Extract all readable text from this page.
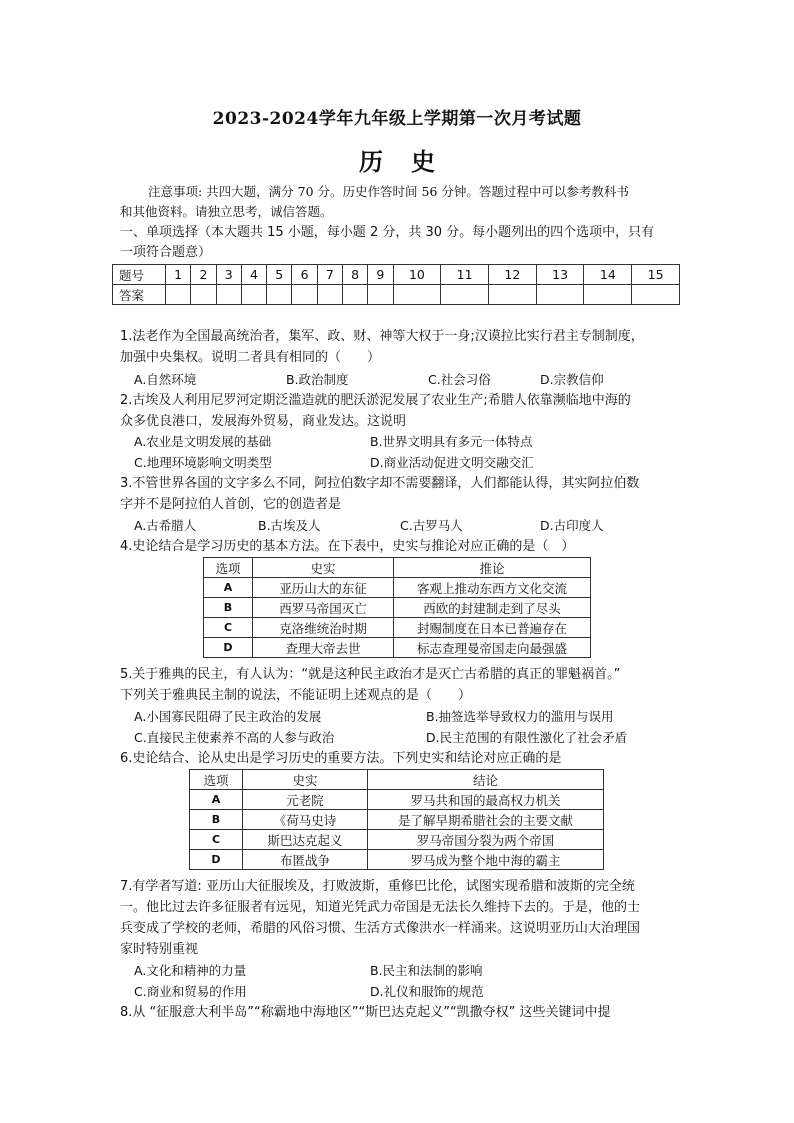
2023-2024学年九年级上学期第一次月考试题
历 史
注意事项: 共四大题，满分 70 分。历史作答时间 56 分钟。答题过程中可以参考教科书
和其他资料。请独立思考，诚信答题。
一、单项选择（本大题共 15 小题，每小题 2 分，共 30 分。每小题列出的四个选项中，只有
一项符合题意）
题号	1	2	3	4	5	6	7	8	9	10	11	12	13	14	15
答案															
1.法老作为全国最高统治者，集军、政、财、神等大权于一身;汉谟拉比实行君主专制制度，
加强中央集权。说明二者具有相同的（　　）
A.自然环境	B.政治制度	C.社会习俗	D.宗教信仰
2.古埃及人利用尼罗河定期泛滥造就的肥沃淤泥发展了农业生产;希腊人依靠濒临地中海的
众多优良港口，发展海外贸易，商业发达。这说明
A.农业是文明发展的基础	B.世界文明具有多元一体特点
C.地理环境影响文明类型	D.商业活动促进文明交融交汇
3.不管世界各国的文字多么不同，阿拉伯数字却不需要翻译，人们都能认得，其实阿拉伯数
字并不是阿拉伯人首创，它的创造者是
A.古希腊人	B.古埃及人	C.古罗马人	D.古印度人
4.史论结合是学习历史的基本方法。在下表中，史实与推论对应正确的是（　）
选项	史实	推论
A	亚历山大的东征	客观上推动东西方文化交流
B	西罗马帝国灭亡	西欧的封建制走到了尽头
C	克洛维统治时期	封赐制度在日本已普遍存在
D	查理大帝去世	标志查理曼帝国走向最强盛
5.关于雅典的民主，有人认为：“就是这种民主政治才是灭亡古希腊的真正的罪魁祸首。”
下列关于雅典民主制的说法，不能证明上述观点的是（　　）
A.小国寡民阻碍了民主政治的发展	B.抽签选举导致权力的滥用与误用
C.直接民主使素养不高的人参与政治	D.民主范围的有限性激化了社会矛盾
6.史论结合、论从史出是学习历史的重要方法。下列史实和结论对应正确的是
选项	史实	结论
A	元老院	罗马共和国的最高权力机关
B	《荷马史诗	是了解早期希腊社会的主要文献
C	斯巴达克起义	罗马帝国分裂为两个帝国
D	布匿战争	罗马成为整个地中海的霸主
7.有学者写道: 亚历山大征服埃及，打败波斯，重修巴比伦，试图实现希腊和波斯的完全统
一。他比过去许多征服者有远见，知道光凭武力帝国是无法长久维持下去的。于是，他的士
兵变成了学校的老师，希腊的风俗习惯、生活方式像洪水一样涌来。这说明亚历山大治理国
家时特别重视
A.文化和精神的力量	B.民主和法制的影响
C.商业和贸易的作用	D.礼仪和服饰的规范
8.从 “征服意大利半岛”“称霸地中海地区”“斯巴达克起义”“凯撒夺权” 这些关键词中提
